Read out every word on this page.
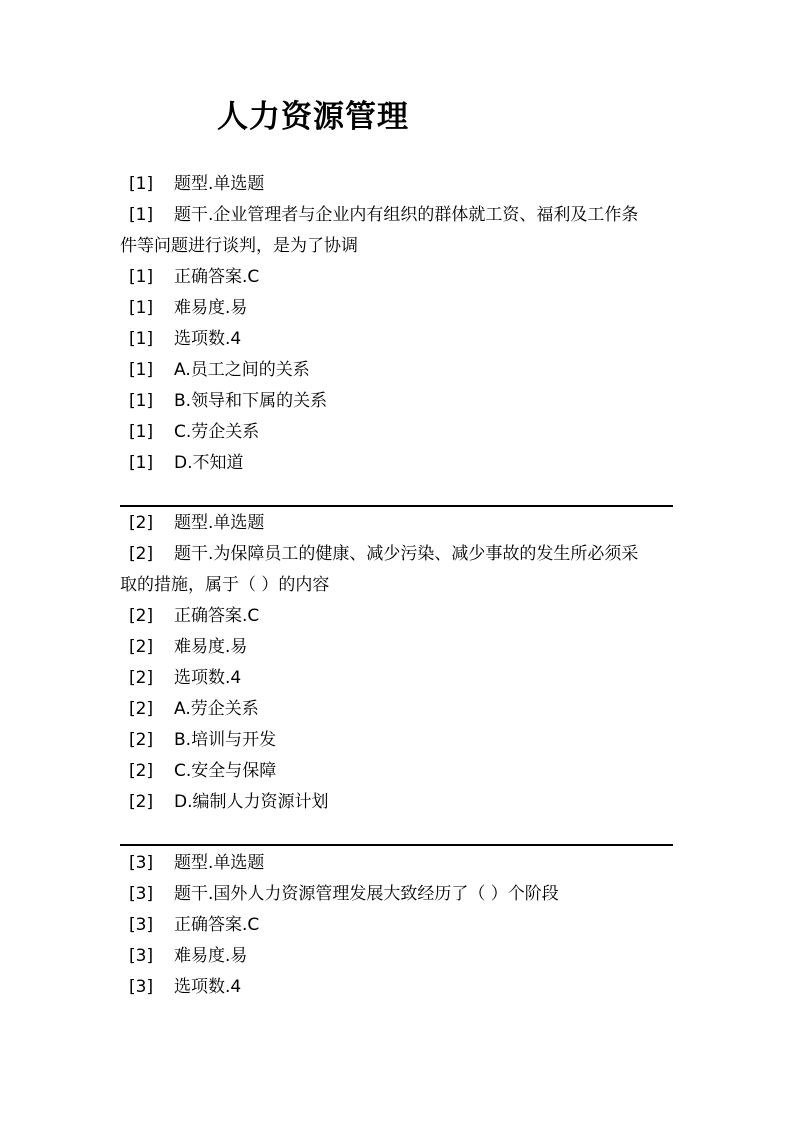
人力资源管理
[1] 题型.单选题
[1] 题干.企业管理者与企业内有组织的群体就工资、福利及工作条
件等问题进行谈判，是为了协调
[1] 正确答案.C
[1] 难易度.易
[1] 选项数.4
[1] A.员工之间的关系
[1] B.领导和下属的关系
[1] C.劳企关系
[1] D.不知道
[2] 题型.单选题
[2] 题干.为保障员工的健康、减少污染、减少事故的发生所必须采
取的措施，属于（ ）的内容
[2] 正确答案.C
[2] 难易度.易
[2] 选项数.4
[2] A.劳企关系
[2] B.培训与开发
[2] C.安全与保障
[2] D.编制人力资源计划
[3] 题型.单选题
[3] 题干.国外人力资源管理发展大致经历了（ ）个阶段
[3] 正确答案.C
[3] 难易度.易
[3] 选项数.4
